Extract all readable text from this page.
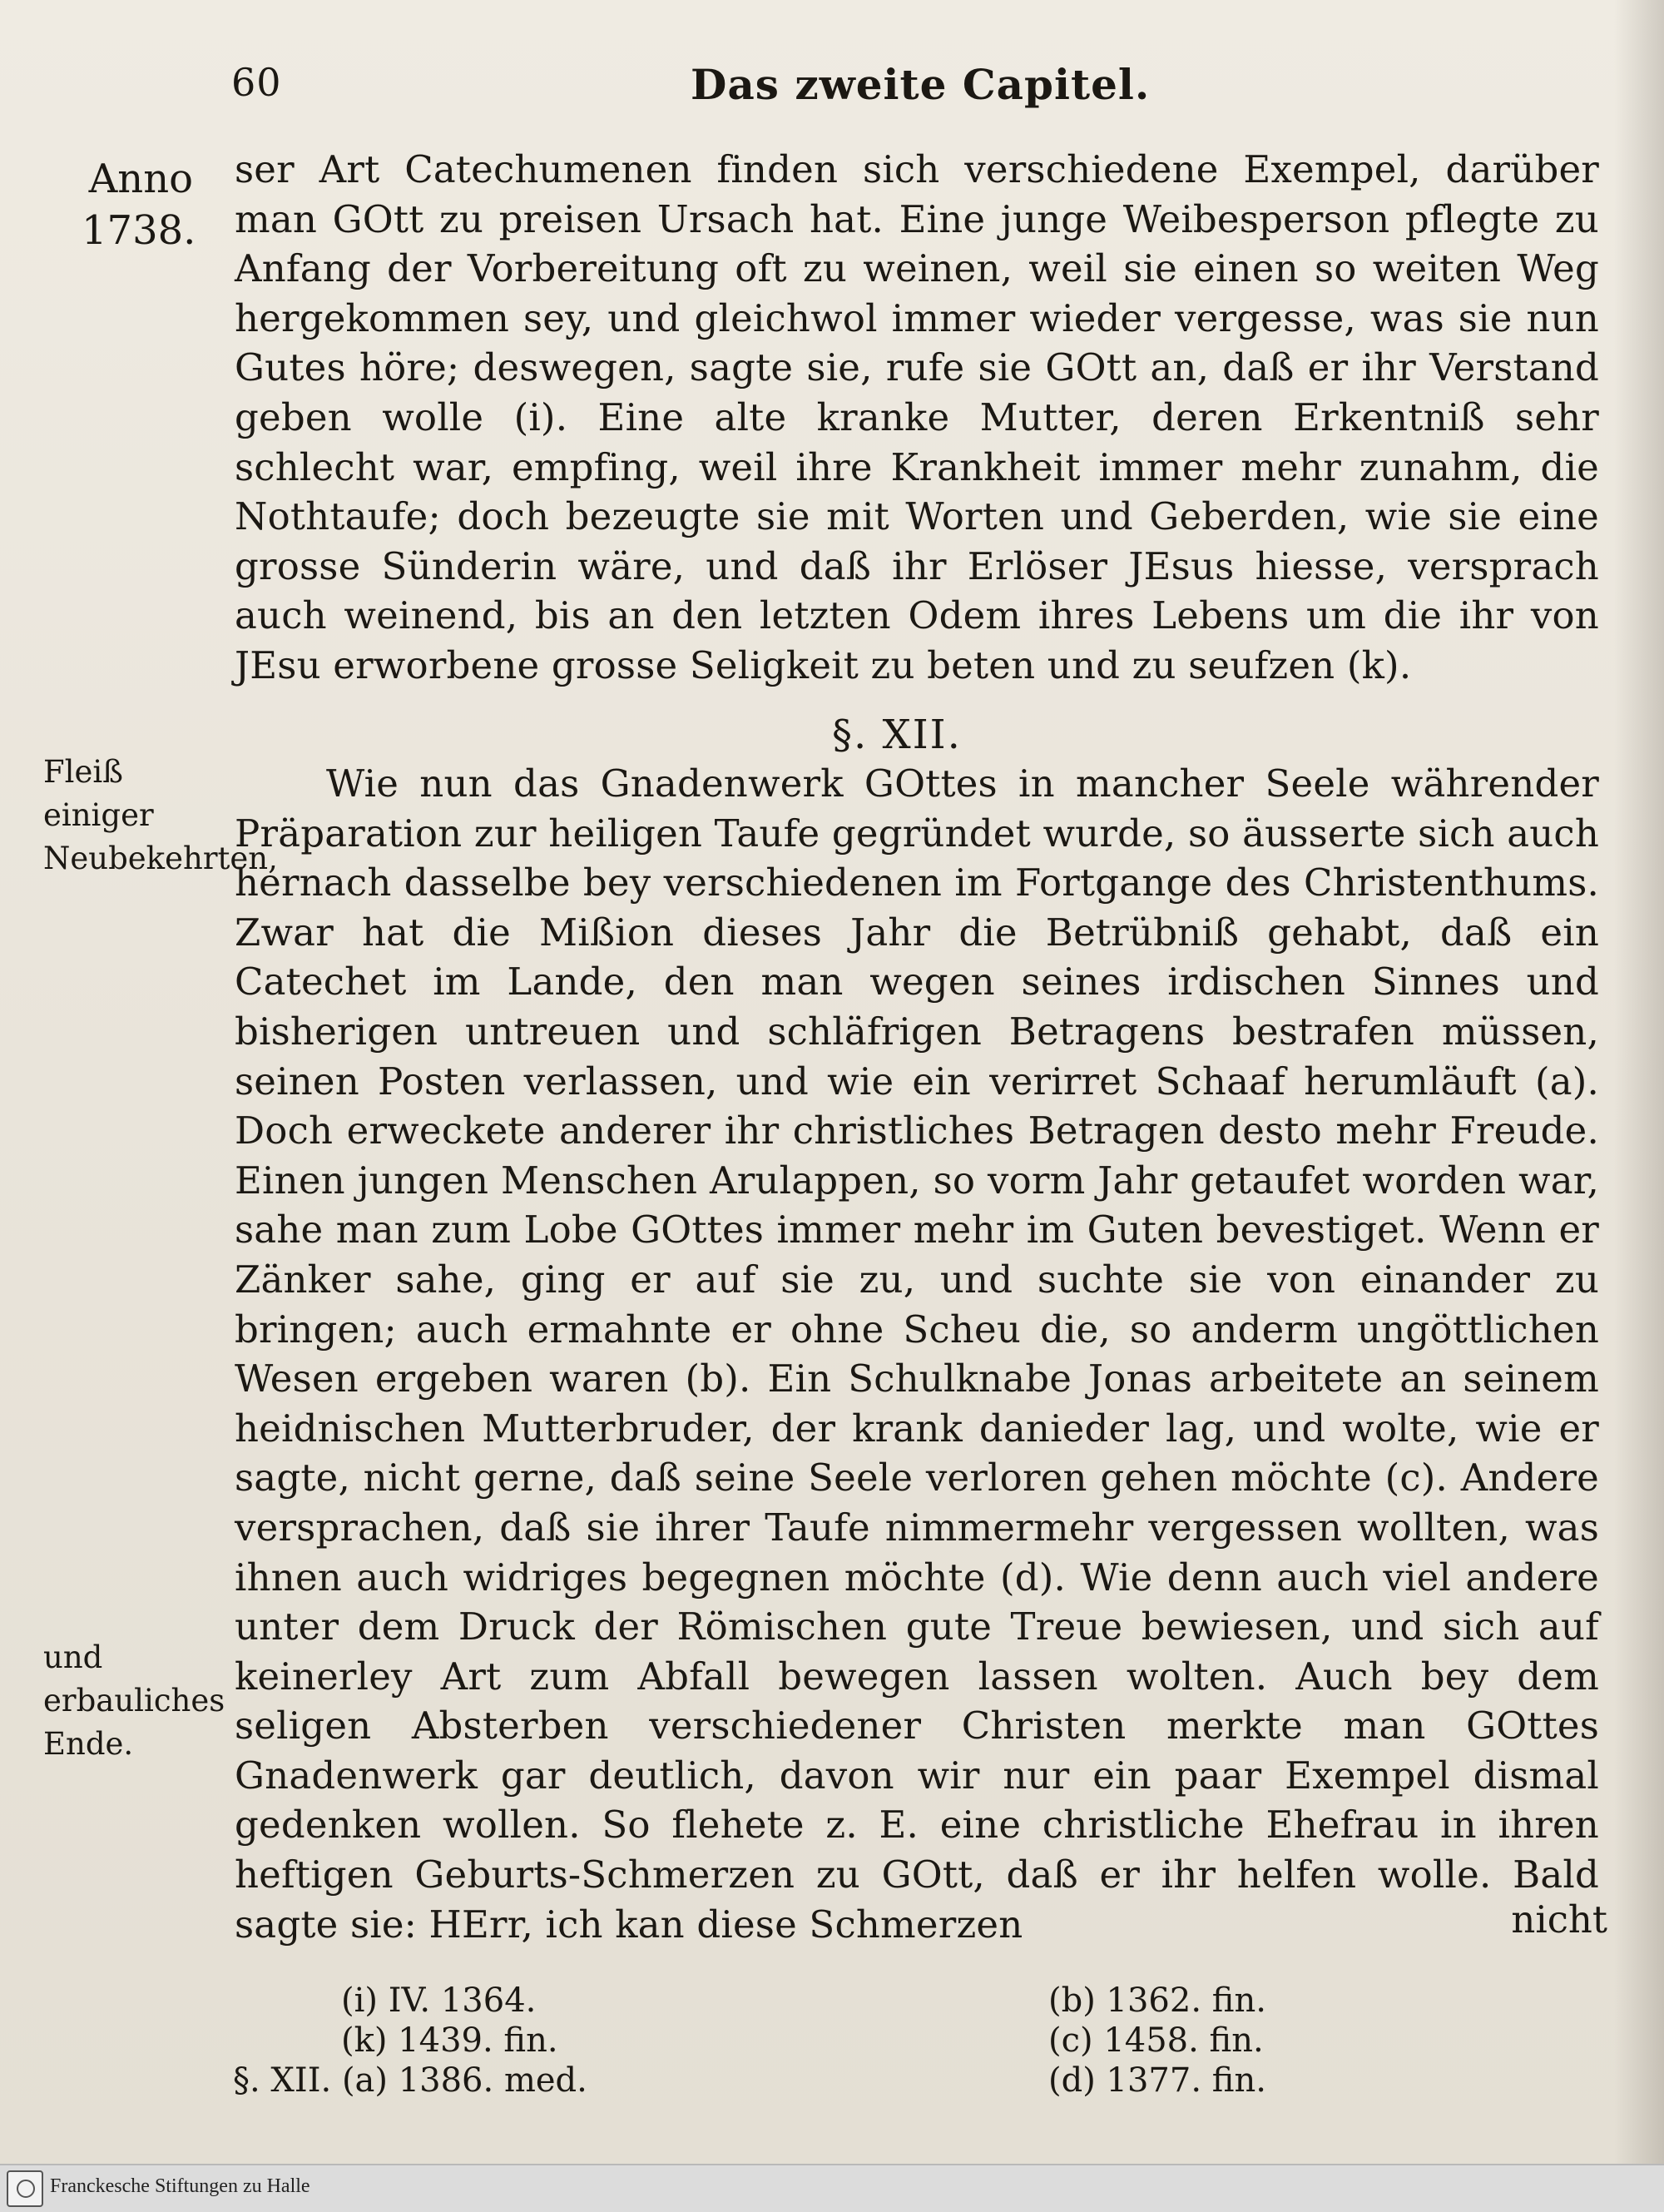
60	Das zweite Capitel.
Anno 1738.
Fleiß einiger Neubekehrten,
und erbauliches Ende.
ser Art Catechumenen finden sich verschiedene Exempel, darüber man GOtt zu preisen Ursach hat. Eine junge Weibesperson pflegte zu Anfang der Vorbereitung oft zu weinen, weil sie einen so weiten Weg hergekommen sey, und gleichwol immer wieder vergesse, was sie nun Gutes höre; deswegen, sagte sie, rufe sie GOtt an, daß er ihr Verstand geben wolle (i). Eine alte kranke Mutter, deren Erkentniß sehr schlecht war, empfing, weil ihre Krankheit immer mehr zunahm, die Nothtaufe; doch bezeugte sie mit Worten und Geberden, wie sie eine grosse Sünderin wäre, und daß ihr Erlöser JEsus hiesse, versprach auch weinend, bis an den letzten Odem ihres Lebens um die ihr von JEsu erworbene grosse Seligkeit zu beten und zu seufzen (k).
§. XII.
Wie nun das Gnadenwerk GOttes in mancher Seele währender Präparation zur heiligen Taufe gegründet wurde, so äusserte sich auch hernach dasselbe bey verschiedenen im Fortgange des Christenthums. Zwar hat die Mißion dieses Jahr die Betrübniß gehabt, daß ein Catechet im Lande, den man wegen seines irdischen Sinnes und bisherigen untreuen und schläfrigen Betragens bestrafen müssen, seinen Posten verlassen, und wie ein verirret Schaaf herumläuft (a). Doch erweckete anderer ihr christliches Betragen desto mehr Freude. Einen jungen Menschen Arulappen, so vorm Jahr getaufet worden war, sahe man zum Lobe GOttes immer mehr im Guten bevestiget. Wenn er Zänker sahe, ging er auf sie zu, und suchte sie von einander zu bringen; auch ermahnte er ohne Scheu die, so anderm ungöttlichen Wesen ergeben waren (b). Ein Schulknabe Jonas arbeitete an seinem heidnischen Mutterbruder, der krank danieder lag, und wolte, wie er sagte, nicht gerne, daß seine Seele verloren gehen möchte (c). Andere versprachen, daß sie ihrer Taufe nimmermehr vergessen wollten, was ihnen auch widriges begegnen möchte (d). Wie denn auch viel andere unter dem Druck der Römischen gute Treue bewiesen, und sich auf keinerley Art zum Abfall bewegen lassen wolten. Auch bey dem seligen Absterben verschiedener Christen merkte man GOttes Gnadenwerk gar deutlich, davon wir nur ein paar Exempel dismal gedenken wollen. So flehete z. E. eine christliche Ehefrau in ihren heftigen Geburts-Schmerzen zu GOtt, daß er ihr helfen wolle. Bald sagte sie: HErr, ich kan diese Schmerzen	nicht
(i) IV. 1364.
(k) 1439. fin.
§. XII. (a) 1386. med.
(b) 1362. fin.
(c) 1458. fin.
(d) 1377. fin.
Franckesche Stiftungen zu Halle
